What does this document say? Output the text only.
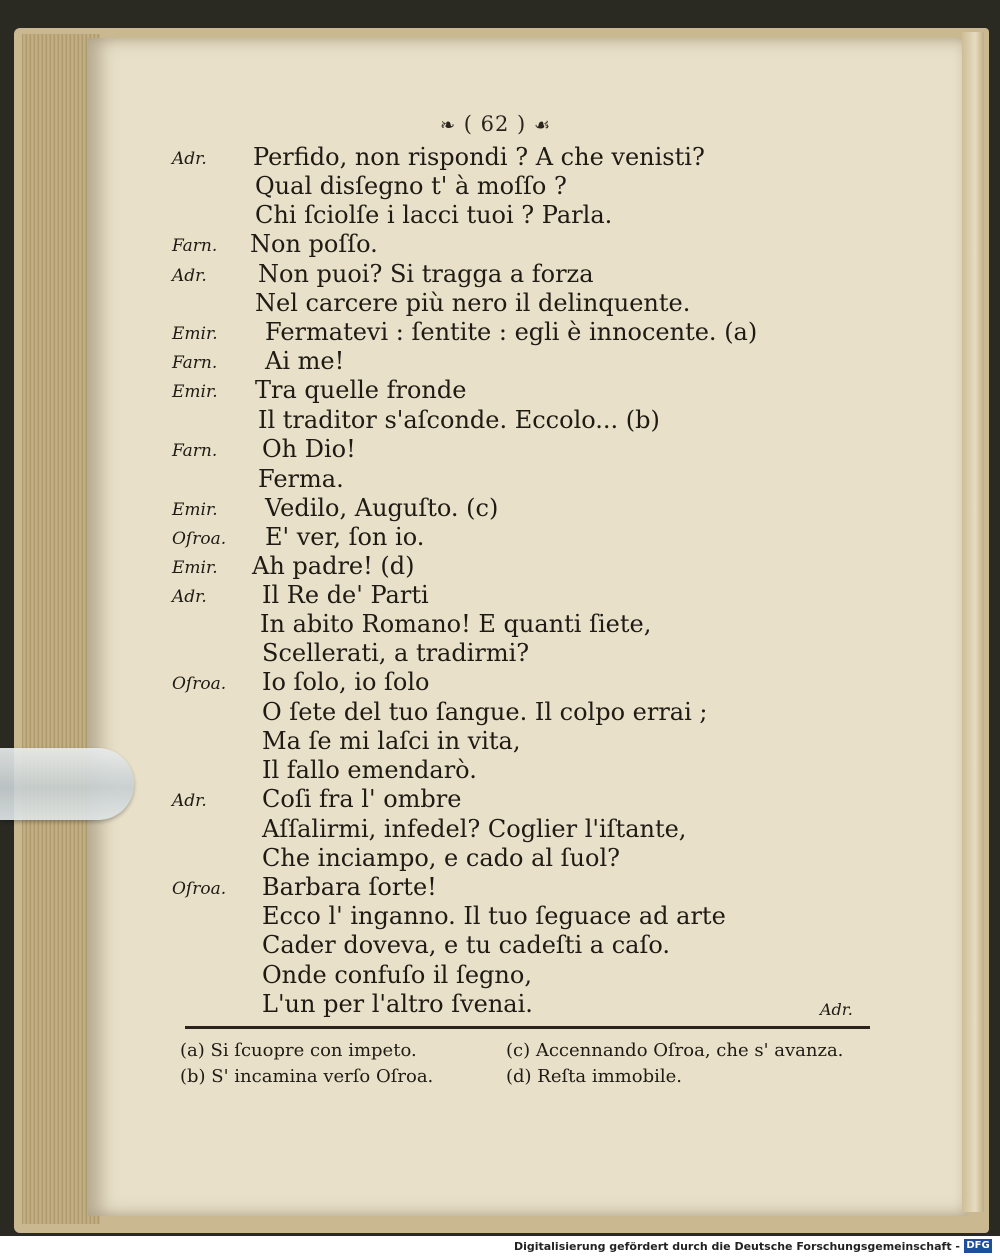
❧ ( 62 ) ☙
Adr. Perfido, non rispondi ? A che venisti?
Qual disſegno t' à moſſo ?
Chi ſciolſe i lacci tuoi ? Parla.
Farn. Non poſſo.
Adr. Non puoi? Si tragga a forza
Nel carcere più nero il delinquente.
Emir. Fermatevi : ſentite : egli è innocente. (a)
Farn. Ai me!
Emir. Tra quelle fronde
Il traditor s'aſconde. Eccolo... (b)
Farn. Oh Dio!
Ferma.
Emir. Vedilo, Auguſto. (c)
Oſroa. E' ver, ſon io.
Emir. Ah padre! (d)
Adr. Il Re de' Parti
In abito Romano! E quanti ſiete,
Scellerati, a tradirmi?
Oſroa. Io ſolo, io ſolo
O ſete del tuo ſangue. Il colpo errai ;
Ma ſe mi laſci in vita,
Il fallo emendarò.
Adr. Coſi fra l' ombre
Aſſalirmi, infedel? Coglier l'iſtante,
Che inciampo, e cado al ſuol?
Oſroa. Barbara ſorte!
Ecco l' inganno. Il tuo ſeguace ad arte
Cader doveva, e tu cadeſti a caſo.
Onde confuſo il ſegno,
L'un per l'altro ſvenai.	Adr.
(a) Si ſcuopre con impeto.
(b) S' incamina verſo Oſroa.
(c) Accennando Oſroa, che s' avanza.
(d) Reſta immobile.
Digitalisierung gefördert durch die Deutsche Forschungsgemeinschaft - DFG
